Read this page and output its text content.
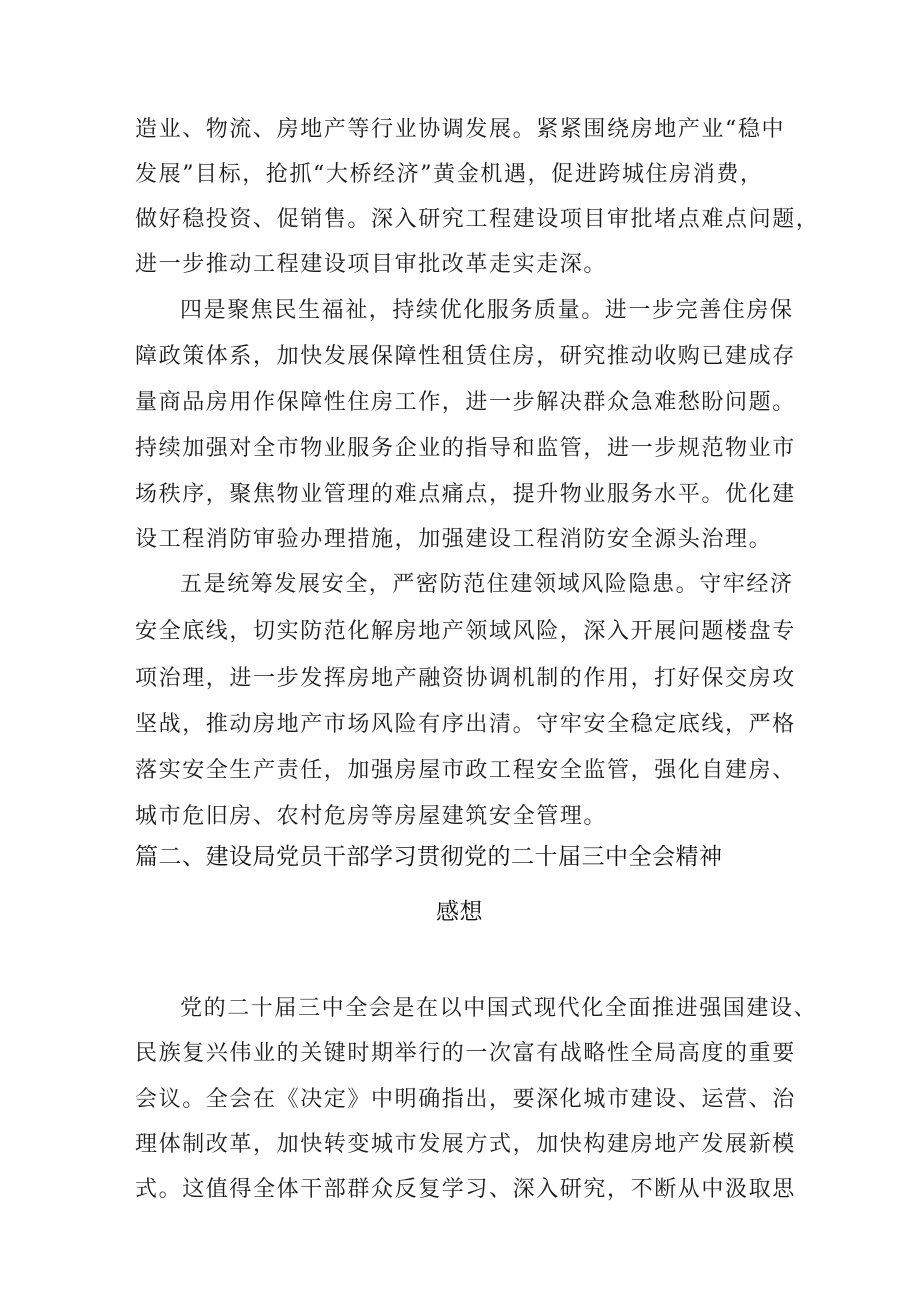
造业、物流、房地产等行业协调发展。紧紧围绕房地产业“稳中
发展”目标，抢抓“大桥经济”黄金机遇，促进跨城住房消费，
做好稳投资、促销售。深入研究工程建设项目审批堵点难点问题，
进一步推动工程建设项目审批改革走实走深。
四是聚焦民生福祉，持续优化服务质量。进一步完善住房保
障政策体系，加快发展保障性租赁住房，研究推动收购已建成存
量商品房用作保障性住房工作，进一步解决群众急难愁盼问题。
持续加强对全市物业服务企业的指导和监管，进一步规范物业市
场秩序，聚焦物业管理的难点痛点，提升物业服务水平。优化建
设工程消防审验办理措施，加强建设工程消防安全源头治理。
五是统筹发展安全，严密防范住建领域风险隐患。守牢经济
安全底线，切实防范化解房地产领域风险，深入开展问题楼盘专
项治理，进一步发挥房地产融资协调机制的作用，打好保交房攻
坚战，推动房地产市场风险有序出清。守牢安全稳定底线，严格
落实安全生产责任，加强房屋市政工程安全监管，强化自建房、
城市危旧房、农村危房等房屋建筑安全管理。
篇二、建设局党员干部学习贯彻党的二十届三中全会精神
感想
党的二十届三中全会是在以中国式现代化全面推进强国建设、
民族复兴伟业的关键时期举行的一次富有战略性全局高度的重要
会议。全会在《决定》中明确指出，要深化城市建设、运营、治
理体制改革，加快转变城市发展方式，加快构建房地产发展新模
式。这值得全体干部群众反复学习、深入研究，不断从中汲取思
